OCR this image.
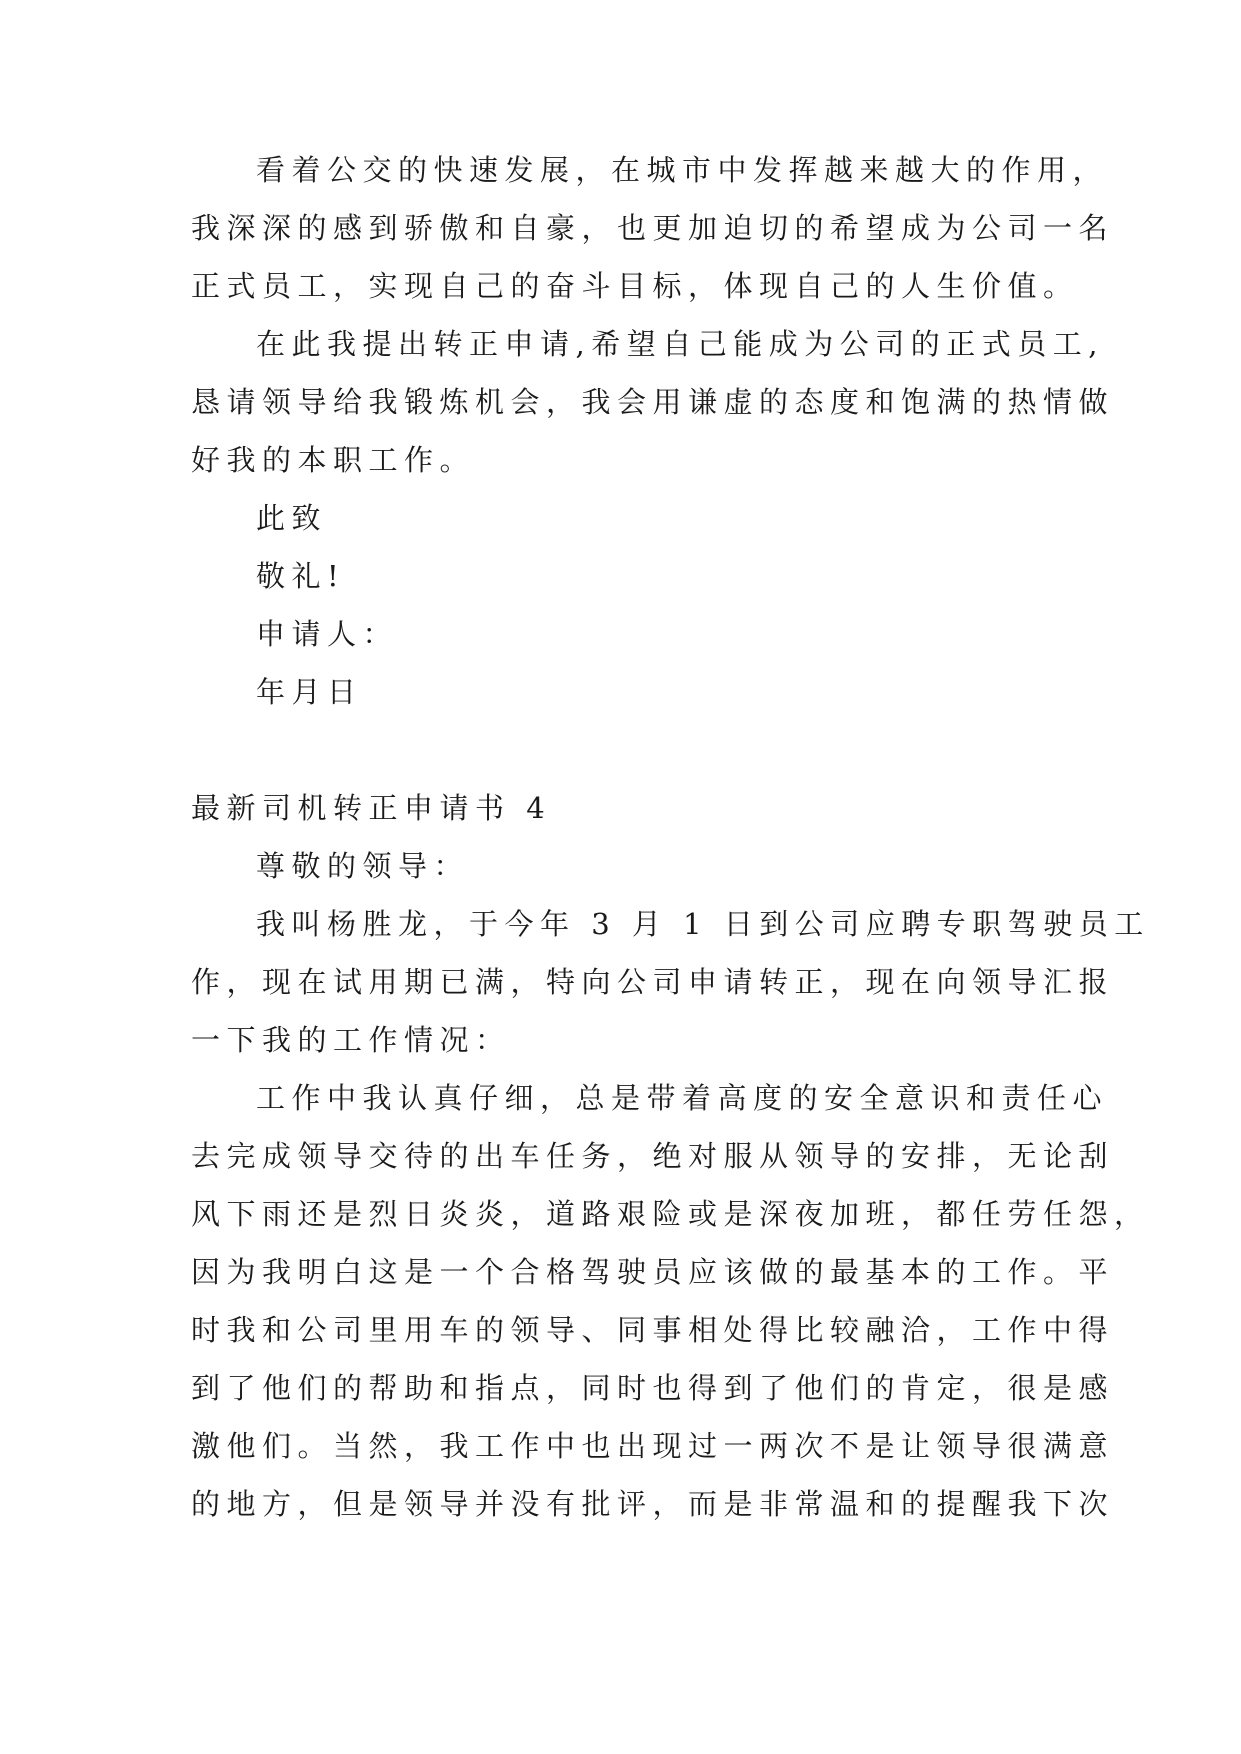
看着公交的快速发展，在城市中发挥越来越大的作用，
我深深的感到骄傲和自豪，也更加迫切的希望成为公司一名
正式员工，实现自己的奋斗目标，体现自己的人生价值。
在此我提出转正申请,希望自己能成为公司的正式员工,
恳请领导给我锻炼机会，我会用谦虚的态度和饱满的热情做
好我的本职工作。
此致
敬礼!
申请人：
年月日
最新司机转正申请书 4
尊敬的领导：
我叫杨胜龙，于今年 3 月 1 日到公司应聘专职驾驶员工
作，现在试用期已满，特向公司申请转正，现在向领导汇报
一下我的工作情况：
工作中我认真仔细，总是带着高度的安全意识和责任心
去完成领导交待的出车任务，绝对服从领导的安排，无论刮
风下雨还是烈日炎炎，道路艰险或是深夜加班，都任劳任怨，
因为我明白这是一个合格驾驶员应该做的最基本的工作。平
时我和公司里用车的领导、同事相处得比较融洽，工作中得
到了他们的帮助和指点，同时也得到了他们的肯定，很是感
激他们。当然，我工作中也出现过一两次不是让领导很满意
的地方，但是领导并没有批评，而是非常温和的提醒我下次
